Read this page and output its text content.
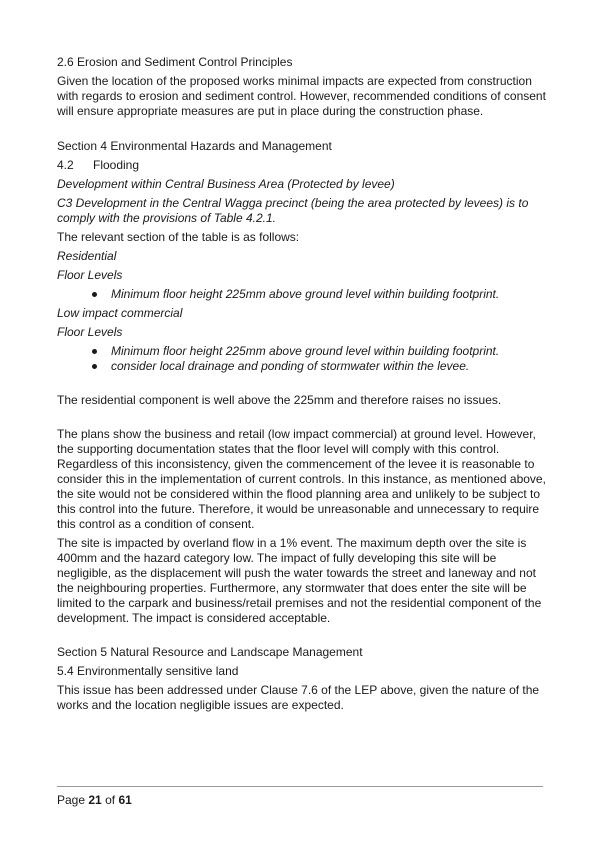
2.6 Erosion and Sediment Control Principles

Given the location of the proposed works minimal impacts are expected from construction with regards to erosion and sediment control. However, recommended conditions of consent will ensure appropriate measures are put in place during the construction phase.

Section 4 Environmental Hazards and Management

4.2	Flooding

Development within Central Business Area (Protected by levee)

C3 Development in the Central Wagga precinct (being the area protected by levees) is to comply with the provisions of Table 4.2.1.

The relevant section of the table is as follows:

Residential

Floor Levels

Minimum floor height 225mm above ground level within building footprint.

Low impact commercial

Floor Levels

Minimum floor height 225mm above ground level within building footprint.
consider local drainage and ponding of stormwater within the levee.

The residential component is well above the 225mm and therefore raises no issues.

The plans show the business and retail (low impact commercial) at ground level. However, the supporting documentation states that the floor level will comply with this control. Regardless of this inconsistency, given the commencement of the levee it is reasonable to consider this in the implementation of current controls. In this instance, as mentioned above, the site would not be considered within the flood planning area and unlikely to be subject to this control into the future. Therefore, it would be unreasonable and unnecessary to require this control as a condition of consent.

The site is impacted by overland flow in a 1% event. The maximum depth over the site is 400mm and the hazard category low. The impact of fully developing this site will be negligible, as the displacement will push the water towards the street and laneway and not the neighbouring properties. Furthermore, any stormwater that does enter the site will be limited to the carpark and business/retail premises and not the residential component of the development. The impact is considered acceptable.

Section 5 Natural Resource and Landscape Management

5.4 Environmentally sensitive land

This issue has been addressed under Clause 7.6 of the LEP above, given the nature of the works and the location negligible issues are expected.

Page 21 of 61
